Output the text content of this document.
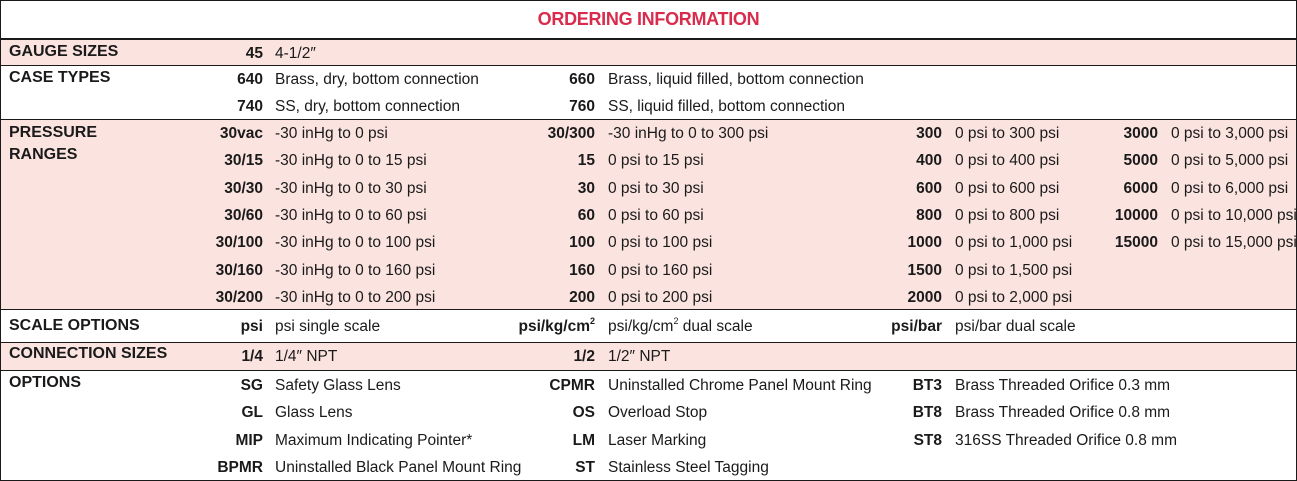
ORDERING INFORMATION
GAUGE SIZES	45 4-1/2″
CASE TYPES	640 Brass, dry, bottom connection	660 Brass, liquid filled, bottom connection
740 SS, dry, bottom connection	760 SS, liquid filled, bottom connection
PRESSURE RANGES
30vac -30 inHg to 0 psi	30/300 -30 inHg to 0 to 300 psi	300 0 psi to 300 psi	3000 0 psi to 3,000 psi
30/15 -30 inHg to 0 to 15 psi	15 0 psi to 15 psi	400 0 psi to 400 psi	5000 0 psi to 5,000 psi
30/30 -30 inHg to 0 to 30 psi	30 0 psi to 30 psi	600 0 psi to 600 psi	6000 0 psi to 6,000 psi
30/60 -30 inHg to 0 to 60 psi	60 0 psi to 60 psi	800 0 psi to 800 psi	10000 0 psi to 10,000 psi
30/100 -30 inHg to 0 to 100 psi	100 0 psi to 100 psi	1000 0 psi to 1,000 psi	15000 0 psi to 15,000 psi
30/160 -30 inHg to 0 to 160 psi	160 0 psi to 160 psi	1500 0 psi to 1,500 psi
30/200 -30 inHg to 0 to 200 psi	200 0 psi to 200 psi	2000 0 psi to 2,000 psi
SCALE OPTIONS	psi psi single scale	psi/$kg/cm^2$ psi/$kg/cm^2$ dual scale	psi/bar psi/bar dual scale
CONNECTION SIZES	1/4 1/4″ NPT	1/2 1/2″ NPT
OPTIONS	SG Safety Glass Lens	CPMR Uninstalled Chrome Panel Mount Ring	BT3 Brass Threaded Orifice 0.3 mm
GL Glass Lens	OS Overload Stop	BT8 Brass Threaded Orifice 0.8 mm
MIP Maximum Indicating Pointer*	LM Laser Marking	ST8 316SS Threaded Orifice 0.8 mm
BPMR Uninstalled Black Panel Mount Ring	ST Stainless Steel Tagging
